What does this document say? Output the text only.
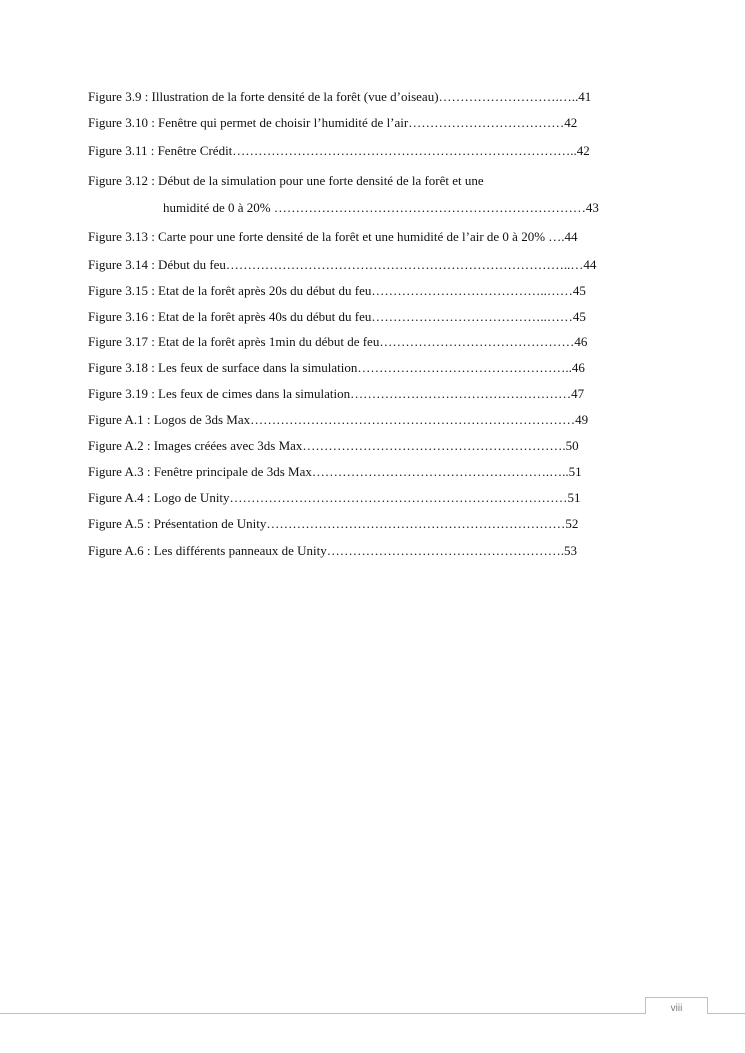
Figure 3.9 : Illustration de la forte densité de la forêt (vue d’oiseau)……………………….…..41
Figure 3.10 : Fenêtre qui permet de choisir l’humidité de l’air………………………………42
Figure 3.11 : Fenêtre Crédit……………………………………………………………………..42
Figure 3.12 : Début de la simulation pour une forte densité de la forêt et une
humidité de 0 à 20% ………………………………………………………………43
Figure 3.13 : Carte pour une forte densité de la forêt et une humidité de l’air de 0 à 20% ….44
Figure 3.14 : Début du feu……………………………………………………………………..…44
Figure 3.15 : Etat de la forêt après 20s du début du feu…………………………………..……45
Figure 3.16 : Etat de la forêt après 40s du début du feu…………………………………..……45
Figure 3.17 : Etat de la forêt après 1min du début de feu………………………………………46
Figure 3.18 : Les feux de surface dans la simulation…………………………………………..46
Figure 3.19 : Les feux de cimes dans la simulation……………………………………………47
Figure A.1 : Logos de 3ds Max…………………………………………………………………49
Figure A.2 : Images créées avec 3ds Max…………………………………………………….50
Figure A.3 : Fenêtre principale de 3ds Max……………………………………………….…..51
Figure A.4 : Logo de Unity……………………………………………………………………51
Figure A.5 : Présentation de Unity……………………………………………………………52
Figure A.6 : Les différents panneaux de Unity……………………………………………….53
viii
